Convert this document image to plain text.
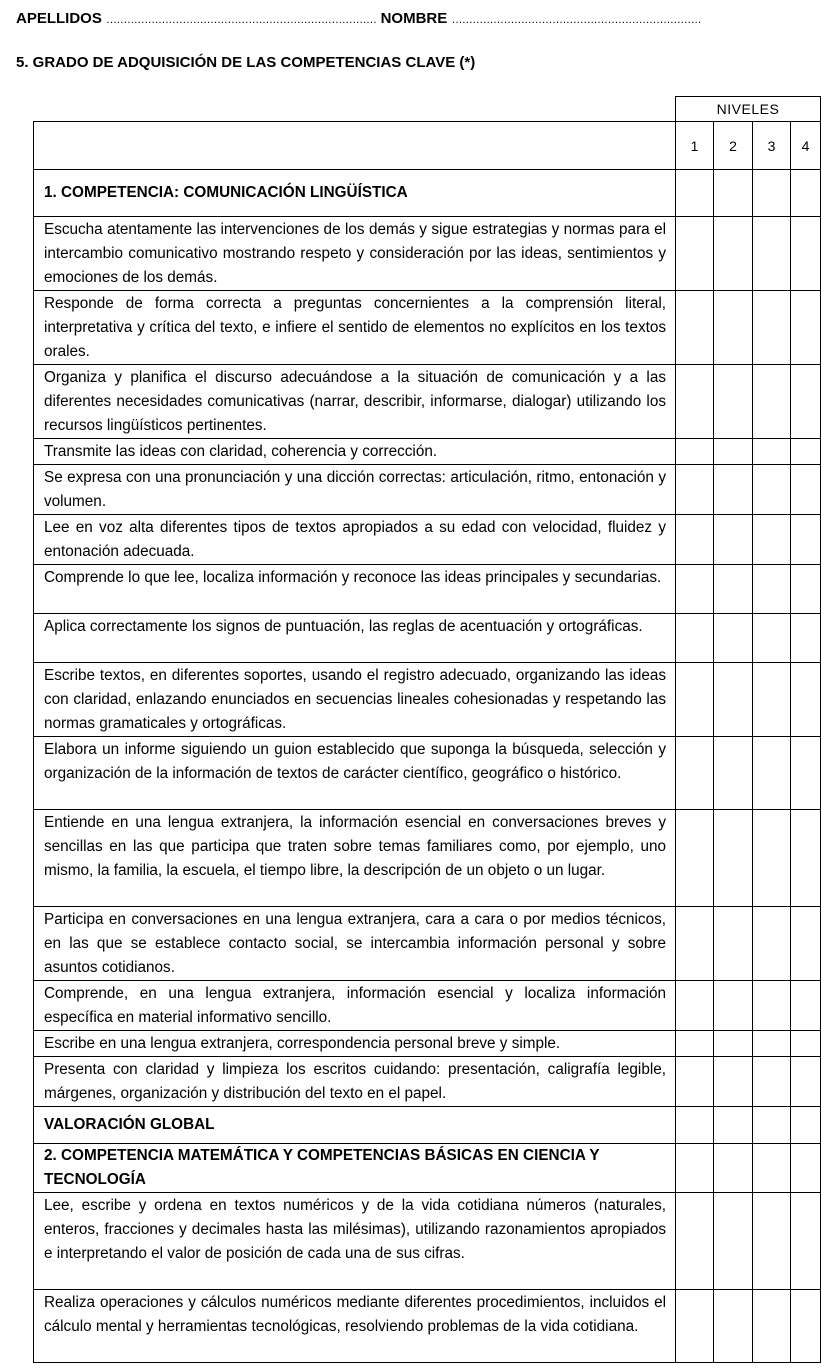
APELLIDOS …………………………………………………………………… NOMBRE ………………………………………………………………
5. GRADO DE ADQUISICIÓN DE LAS COMPETENCIAS CLAVE (*)
	NIVELES			
	1	2	3	4
1. COMPETENCIA: COMUNICACIÓN LINGÜÍSTICA				
Escucha atentamente las intervenciones de los demás y sigue estrategias y normas para el intercambio comunicativo mostrando respeto y consideración por las ideas, sentimientos y emociones de los demás.				
Responde de forma correcta a preguntas concernientes a la comprensión literal, interpretativa y crítica del texto, e infiere el sentido de elementos no explícitos en los textos orales.				
Organiza y planifica el discurso adecuándose a la situación de comunicación y a las diferentes necesidades comunicativas (narrar, describir, informarse, dialogar) utilizando los recursos lingüísticos pertinentes.				
Transmite las ideas con claridad, coherencia y corrección.				
Se expresa con una pronunciación y una dicción correctas: articulación, ritmo, entonación y volumen.				
Lee en voz alta diferentes tipos de textos apropiados a su edad con velocidad, fluidez y entonación adecuada.				
Comprende lo que lee, localiza información y reconoce las ideas principales y secundarias.				
Aplica correctamente los signos de puntuación, las reglas de acentuación y ortográficas.				
Escribe textos, en diferentes soportes, usando el registro adecuado, organizando las ideas con claridad, enlazando enunciados en secuencias lineales cohesionadas y respetando las normas gramaticales y ortográficas.				
Elabora un informe siguiendo un guion establecido que suponga la búsqueda, selección y organización de la información de textos de carácter científico, geográfico o histórico.				
Entiende en una lengua extranjera, la información esencial en conversaciones breves y sencillas en las que participa que traten sobre temas familiares como, por ejemplo, uno mismo, la familia, la escuela, el tiempo libre, la descripción de un objeto o un lugar.				
Participa en conversaciones en una lengua extranjera, cara a cara o por medios técnicos, en las que se establece contacto social, se intercambia información personal y sobre asuntos cotidianos.				
Comprende, en una lengua extranjera, información esencial y localiza información específica en material informativo sencillo.				
Escribe en una lengua extranjera, correspondencia personal breve y simple.				
Presenta con claridad y limpieza los escritos cuidando: presentación, caligrafía legible, márgenes, organización y distribución del texto en el papel.				
VALORACIÓN GLOBAL				
2. COMPETENCIA MATEMÁTICA Y COMPETENCIAS BÁSICAS EN CIENCIA Y TECNOLOGÍA				
Lee, escribe y ordena en textos numéricos y de la vida cotidiana números (naturales, enteros, fracciones y decimales hasta las milésimas), utilizando razonamientos apropiados e interpretando el valor de posición de cada una de sus cifras.				
Realiza operaciones y cálculos numéricos mediante diferentes procedimientos, incluidos el cálculo mental y herramientas tecnológicas, resolviendo problemas de la vida cotidiana.				
